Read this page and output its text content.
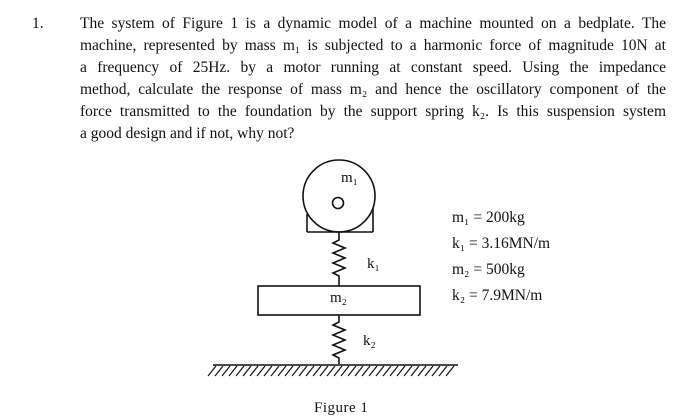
1. The system of Figure 1 is a dynamic model of a machine mounted on a bedplate. The
machine, represented by mass m₁ is subjected to a harmonic force of magnitude 10N at
a frequency of 25Hz. by a motor running at constant speed. Using the impedance
method, calculate the response of mass m₂ and hence the oscillatory component of the
force transmitted to the foundation by the support spring k₂. Is this suspension system
a good design and if not, why not?
m₁
k₁
m₂
k₂
m₁ = 200kg
k₁ = 3.16MN/m
m₂ = 500kg
k₂ = 7.9MN/m
Figure 1
